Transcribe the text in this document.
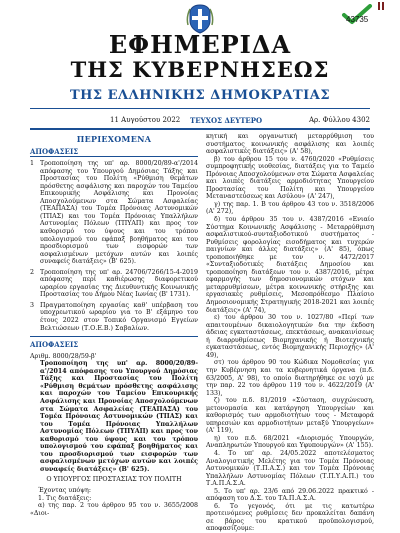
43735
ΕΦΗΜΕΡΙΔΑ
ΤΗΣ ΚΥΒΕΡΝΗΣΕΩΣ
ΤΗΣ ΕΛΛΗΝΙΚΗΣ ΔΗΜΟΚΡΑΤΙΑΣ
11 Αυγούστου 2022 ΤΕΥΧΟΣ ΔΕΥΤΕΡΟ	Αρ. Φύλλου 4302
ΠΕΡΙΕΧΟΜΕΝΑ
ΑΠΟΦΑΣΕΙΣ
1 Τροποποίηση της υπ' αρ. 8000/20/89-α'/2014 απόφασης του Υπουργού Δημόσιας Τάξης και Προστασίας του Πολίτη «Ρύθμιση θεμάτων πρόσθετης ασφάλισης και παροχών του Ταμείου Επικουρικής Ασφάλισης και Προνοίας Αποσχολούμενων στα Σώματα Ασφαλείας (ΤΕΑΠΑΣΑ) του Τομέα Πρόνοιας Αστυνομικών (ΤΠΑΣ) και του Τομέα Πρόνοιας Υπαλλήλων Αστυνομίας Πόλεων (ΤΠΥΑΠ) και προς τον καθορισμό του ύψους και του τρόπου υπολογισμού του εφάπαξ βοηθήματος και του προσδιορισμού των εισφορών των ασφαλισμένων μετόχων αυτών και λοιπές συναφείς διατάξεις» (Β' 625).
2 Τροποποίηση της υπ' αρ. 24706/7266/15-4-2019 απόφασης περί καθιέρωσης διαφορετικού ωραρίου εργασίας της Διευθυντικής Κοινωνικής Προστασίας του Δήμου Νέας Ιωνίας (Β' 1731).
3 Πραγματοποίηση εργασίας καθ' υπέρβαση του υποχρεωτικού ωραρίου για το Β' εξάμηνο του έτους 2022 στον Τοπικό Οργανισμό Εγγείων Βελτιώσεων (Τ.Ο.Ε.Β.) Σαβαλίων.
ΑΠΟΦΑΣΕΙΣ

Αριθμ. 8000/28/59-β'

Τροποποίηση της υπ' αρ. 8000/20/89-α'/2014 απόφασης του Υπουργού Δημόσιας Τάξης και Προστασίας του Πολίτη «Ρύθμιση θεμάτων πρόσθετης ασφάλισης και παροχών του Ταμείου Επικουρικής Ασφάλισης και Προνοίας Αποσχολούμενων στα Σώματα Ασφαλείας (ΤΕΑΠΑΣΑ) του Τομέα Πρόνοιας Αστυνομικών (ΤΠΑΣ) και του Τομέα Πρόνοιας Υπαλλήλων Αστυνομίας Πόλεων (ΤΠΥΑΠ) και προς τον καθορισμό του ύψους και του τρόπου υπολογισμού του εφάπαξ βοηθήματος και του προσδιορισμού των εισφορών των ασφαλισμένων μετόχων αυτών και λοιπές συναφείς διατάξεις» (Β' 625).

Ο ΥΠΟΥΡΓΟΣ ΠΡΟΣΤΑΣΙΑΣ ΤΟΥ ΠΟΛΙΤΗ

Έχοντας υπόψη:

1. Τις διατάξεις:

α) της παρ. 2 του άρθρου 95 του ν. 3655/2008 «Διοι-

κητική και οργανωτική μεταρρύθμιση του συστήματος κοινωνικής ασφάλισης και λοιπές ασφαλιστικές διατάξεις» (Α' 58),

β) του άρθρου 15 του ν. 4760/2020 «Ρυθμίσεις συμπροφητικής υιοθεσίας, διατάξεις για το Ταμείο Πρόνοιας Αποσχολούμενων στα Σώματα Ασφαλείας και λοιπές διατάξεις αρμοδιότητας Υπουργείου Προστασίας του Πολίτη και Υπουργείου Μεταναστεύσεως και Ασύλου» (Α' 247),

γ) της παρ. 1. Β του άρθρου 43 του ν. 3518/2006 (Α' 272),

δ) του άρθρου 35 του ν. 4387/2016 «Ενιαίο Σύστημα Κοινωνικής Ασφάλισης - Μεταρρύθμιση ασφαλιστικού-συνταξιοδοτικού συστήματος - Ρυθμίσεις φορολογίας εισοδήματος και τυχερών παιγνίων και άλλες διατάξεις» (Α' 85), όπως τροποποιήθηκε με τον ν. 4472/2017 «Συνταξιοδοτικές διατάξεις Δημοσίου και τροποποίηση διατάξεων του ν. 4387/2016, μέτρα εφαρμογής των δημοσιονομικών στόχων και μεταρρυθμίσεων, μέτρα κοινωνικής στήριξης και εργασιακές ρυθμίσεις, Μεσοπρόθεσμο Πλαίσιο Δημοσιονομικής Στρατηγικής 2018-2021 και λοιπές διατάξεις» (Α' 74),

ε) του άρθρου 30 του ν. 1027/80 «Περί των απαιτουμένων δικαιολογητικών δια την έκδοση άδειας εγκαταστάσεως, επεκτάσεως, ανακαινίσεως ή διαρρυθμίσεως Βιομηχανικής ή Βιοτεχνικής εγκαταστάσεως, εντός Βιομηχανικής Περιοχής» (Α' 49),

στ) του άρθρου 90 του Κώδικα Νομοθεσίας για την Κυβέρνηση και τα κυβερνητικά όργανα (π.δ. 63/2005, Α' 98), το οποίο διατηρήθηκε σε ισχύ με την παρ. 22 του άρθρου 119 του ν. 4622/2019 (Α' 133),

ζ) του π.δ. 81/2019 «Σύσταση, συγχώνευση, μετονομασία και κατάργηση Υπουργείων και καθορισμός των αρμοδιοτήτων τους - Μεταφορά υπηρεσιών και αρμοδιοτήτων μεταξύ Υπουργείων» (Α' 119),

η) του π.δ. 68/2021 «Διορισμός Υπουργών, Αναπληρωτών Υπουργού και Υφυπουργών» (Α' 155).

4. Το υπ' αρ. 24/05.2022 αποτελέσματος Αναλογιστικής Μελέτης για τον Τομέα Πρόνοιας Αστυνομικών (Τ.Π.Α.Σ.) και τον Τομέα Πρόνοιας Υπαλλήλων Αστυνομίας Πόλεων (Τ.Π.Υ.Α.Π.) του Τ.Α.Π.Α.Σ.Α.

5. Το υπ' αρ. 23/6 από 29.06.2022 πρακτικό - απόφαση του Δ.Σ. του ΤΑ.Π.Α.Σ.Α.

6. Το γεγονός, ότι με τις κατωτέρω προτεινόμενες ρυθμίσεις δεν προκαλείται δαπάνη σε βάρος του κρατικού προϋπολογισμού, αποφασίζουμε:
